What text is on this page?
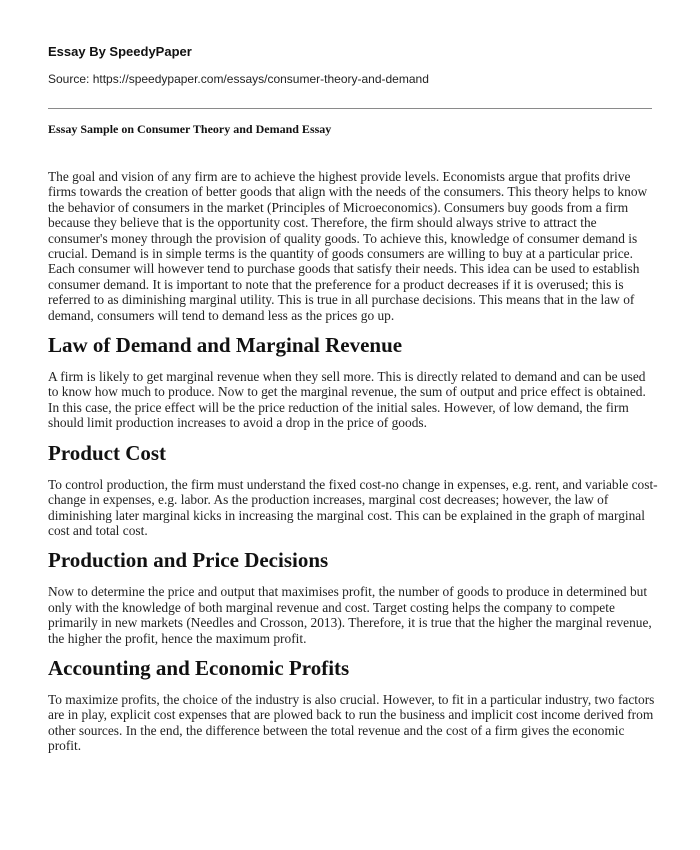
Essay By SpeedyPaper

Source: https://speedypaper.com/essays/consumer-theory-and-demand

Essay Sample on Consumer Theory and Demand Essay

The goal and vision of any firm are to achieve the highest provide levels. Economists argue that profits drive firms towards the creation of better goods that align with the needs of the consumers. This theory helps to know the behavior of consumers in the market (Principles of Microeconomics). Consumers buy goods from a firm because they believe that is the opportunity cost. Therefore, the firm should always strive to attract the consumer's money through the provision of quality goods. To achieve this, knowledge of consumer demand is crucial. Demand is in simple terms is the quantity of goods consumers are willing to buy at a particular price. Each consumer will however tend to purchase goods that satisfy their needs. This idea can be used to establish consumer demand. It is important to note that the preference for a product decreases if it is overused; this is referred to as diminishing marginal utility. This is true in all purchase decisions. This means that in the law of demand, consumers will tend to demand less as the prices go up.

Law of Demand and Marginal Revenue

A firm is likely to get marginal revenue when they sell more. This is directly related to demand and can be used to know how much to produce. Now to get the marginal revenue, the sum of output and price effect is obtained. In this case, the price effect will be the price reduction of the initial sales. However, of low demand, the firm should limit production increases to avoid a drop in the price of goods.

Product Cost

To control production, the firm must understand the fixed cost-no change in expenses, e.g. rent, and variable cost-change in expenses, e.g. labor. As the production increases, marginal cost decreases; however, the law of diminishing later marginal kicks in increasing the marginal cost. This can be explained in the graph of marginal cost and total cost.

Production and Price Decisions

Now to determine the price and output that maximises profit, the number of goods to produce in determined but only with the knowledge of both marginal revenue and cost. Target costing helps the company to compete primarily in new markets (Needles and Crosson, 2013). Therefore, it is true that the higher the marginal revenue, the higher the profit, hence the maximum profit.

Accounting and Economic Profits

To maximize profits, the choice of the industry is also crucial. However, to fit in a particular industry, two factors are in play, explicit cost expenses that are plowed back to run the business and implicit cost income derived from other sources. In the end, the difference between the total revenue and the cost of a firm gives the economic profit.
